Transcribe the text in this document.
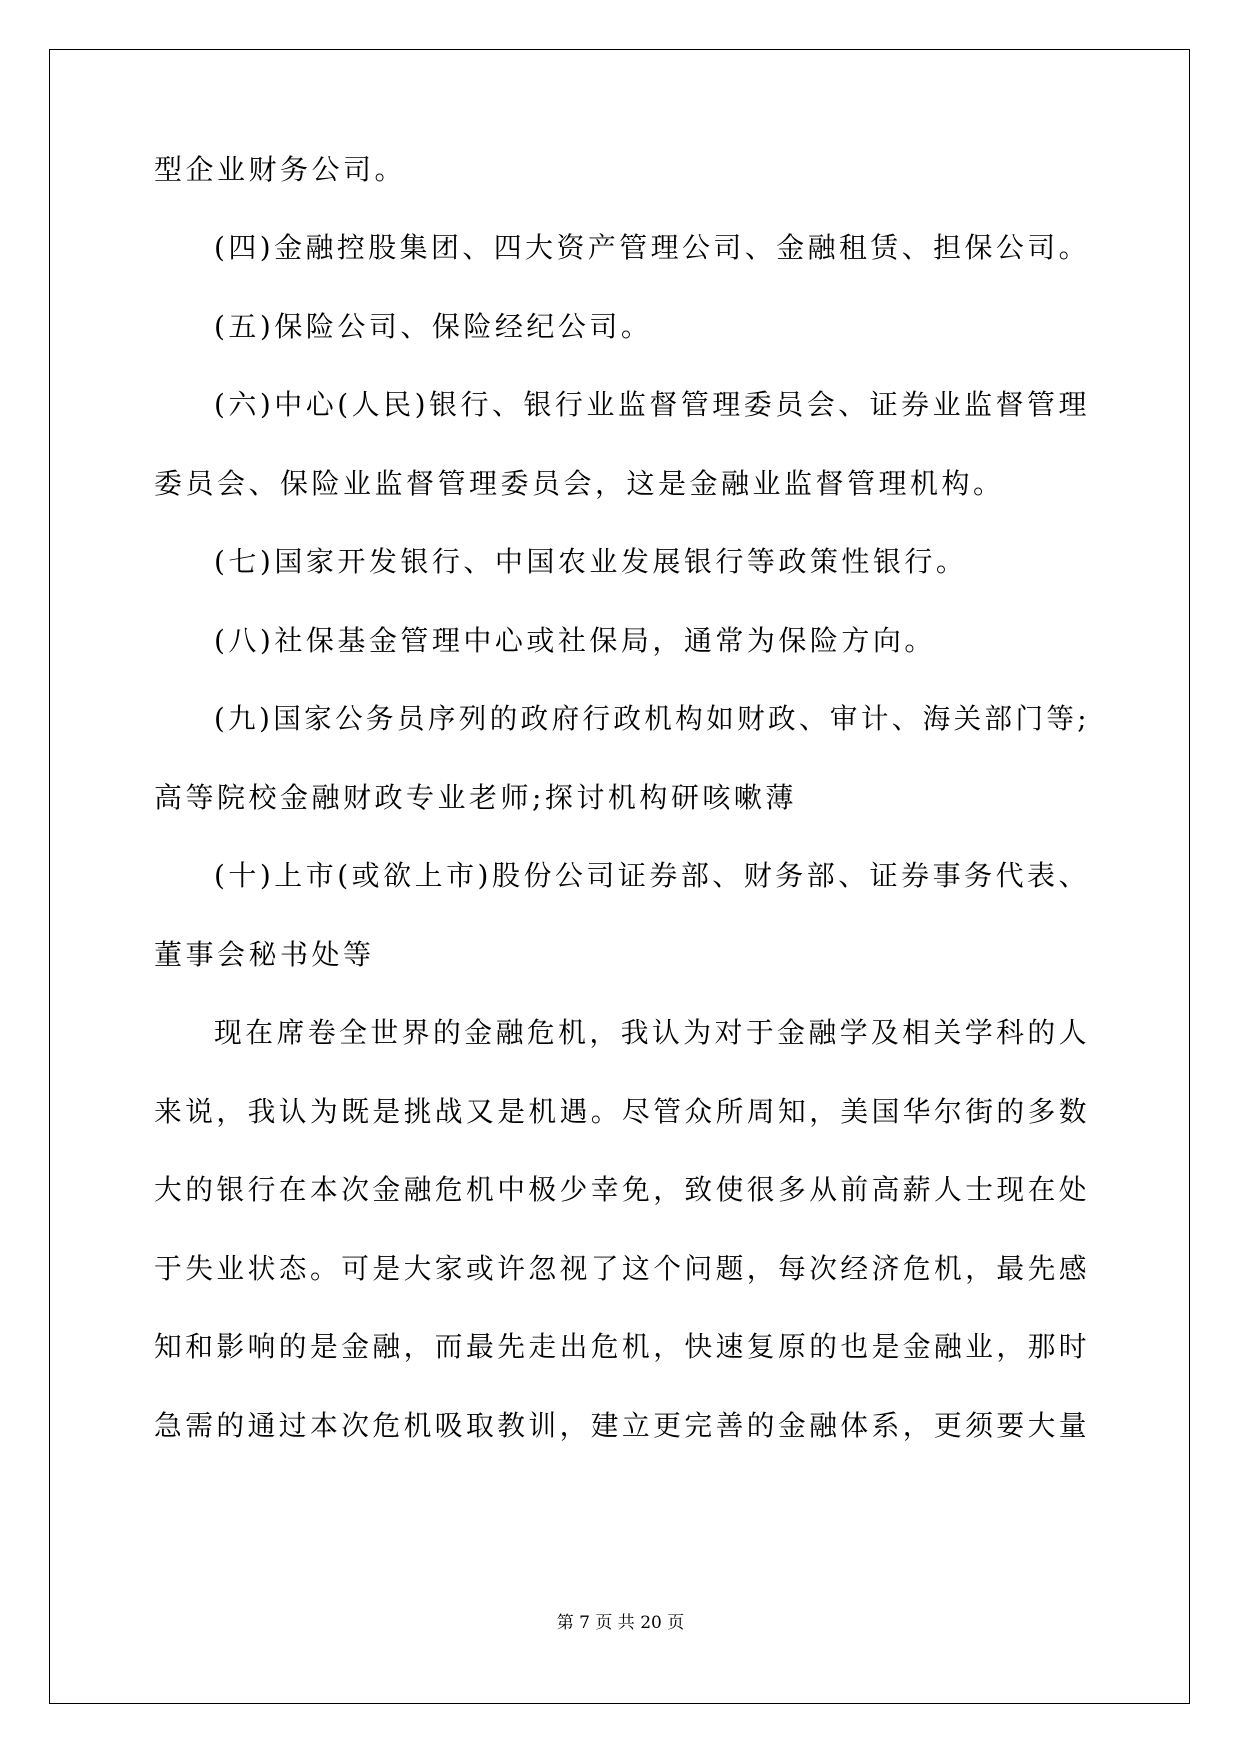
型企业财务公司。
(四)金融控股集团、四大资产管理公司、金融租赁、担保公司。
(五)保险公司、保险经纪公司。
(六)中心(人民)银行、银行业监督管理委员会、证券业监督管理
委员会、保险业监督管理委员会，这是金融业监督管理机构。
(七)国家开发银行、中国农业发展银行等政策性银行。
(八)社保基金管理中心或社保局，通常为保险方向。
(九)国家公务员序列的政府行政机构如财政、审计、海关部门等;
高等院校金融财政专业老师;探讨机构研咳嗽薄
(十)上市(或欲上市)股份公司证券部、财务部、证券事务代表、
董事会秘书处等
现在席卷全世界的金融危机，我认为对于金融学及相关学科的人
来说，我认为既是挑战又是机遇。尽管众所周知，美国华尔街的多数
大的银行在本次金融危机中极少幸免，致使很多从前高薪人士现在处
于失业状态。可是大家或许忽视了这个问题，每次经济危机，最先感
知和影响的是金融，而最先走出危机，快速复原的也是金融业，那时
急需的通过本次危机吸取教训，建立更完善的金融体系，更须要大量
第 7 页 共 20 页
